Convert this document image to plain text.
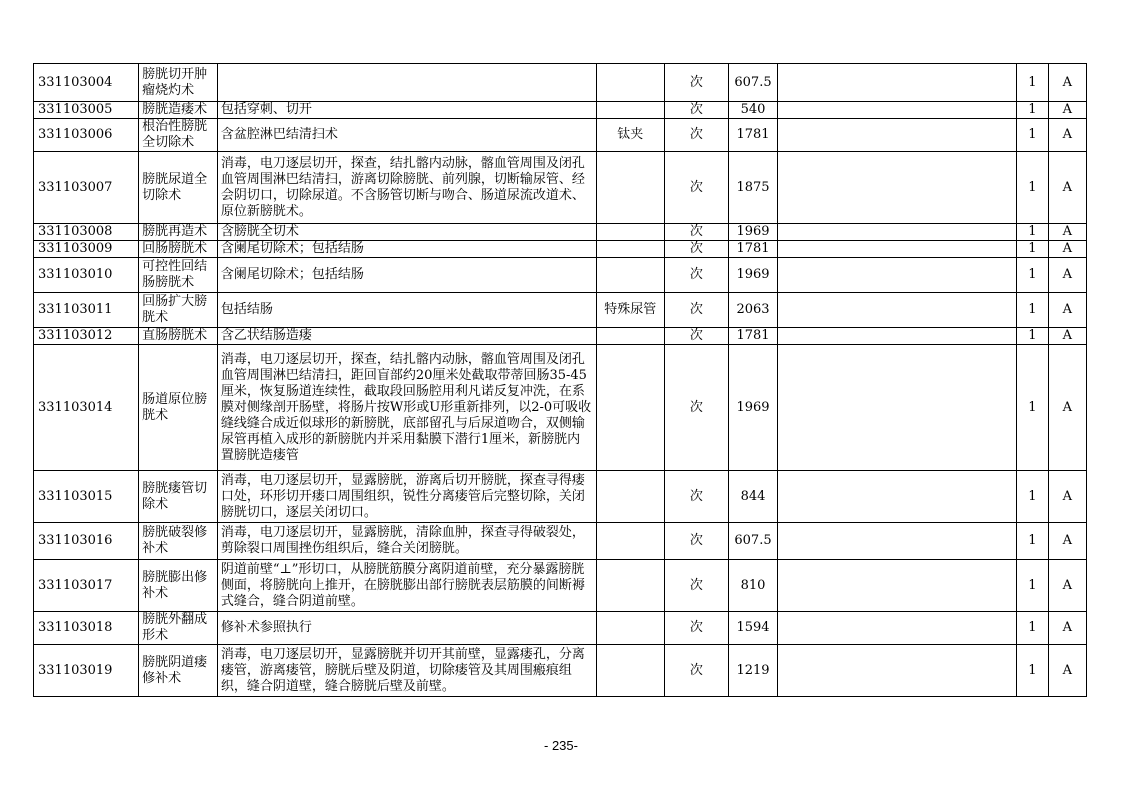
331103004	膀胱切开肿瘤烧灼术			次	607.5		1	A
331103005	膀胱造瘘术	包括穿刺、切开		次	540		1	A
331103006	根治性膀胱全切除术	含盆腔淋巴结清扫术	钛夹	次	1781		1	A
331103007	膀胱尿道全切除术	消毒，电刀逐层切开，探查，结扎髂内动脉，髂血管周围及闭孔血管周围淋巴结清扫，游离切除膀胱、前列腺，切断输尿管、经会阴切口，切除尿道。不含肠管切断与吻合、肠道尿流改道术、原位新膀胱术。		次	1875		1	A
331103008	膀胱再造术	含膀胱全切术		次	1969		1	A
331103009	回肠膀胱术	含阑尾切除术；包括结肠		次	1781		1	A
331103010	可控性回结肠膀胱术	含阑尾切除术；包括结肠		次	1969		1	A
331103011	回肠扩大膀胱术	包括结肠	特殊尿管	次	2063		1	A
331103012	直肠膀胱术	含乙状结肠造瘘		次	1781		1	A
331103014	肠道原位膀胱术	消毒，电刀逐层切开，探查，结扎髂内动脉，髂血管周围及闭孔血管周围淋巴结清扫，距回盲部约20厘米处截取带蒂回肠35-45厘米，恢复肠道连续性，截取段回肠腔用利凡诺反复冲洗，在系膜对侧缘剖开肠壁，将肠片按W形或U形重新排列，以2-0可吸收缝线缝合成近似球形的新膀胱，底部留孔与后尿道吻合，双侧输尿管再植入成形的新膀胱内并采用黏膜下潜行1厘米，新膀胱内置膀胱造瘘管		次	1969		1	A
331103015	膀胱瘘管切除术	消毒，电刀逐层切开，显露膀胱，游离后切开膀胱，探查寻得瘘口处，环形切开瘘口周围组织，锐性分离瘘管后完整切除，关闭膀胱切口，逐层关闭切口。		次	844		1	A
331103016	膀胱破裂修补术	消毒，电刀逐层切开，显露膀胱，清除血肿，探查寻得破裂处，剪除裂口周围挫伤组织后，缝合关闭膀胱。		次	607.5		1	A
331103017	膀胱膨出修补术	阴道前壁“⊥”形切口，从膀胱筋膜分离阴道前壁，充分暴露膀胱侧面，将膀胱向上推开，在膀胱膨出部行膀胱表层筋膜的间断褥式缝合，缝合阴道前壁。		次	810		1	A
331103018	膀胱外翻成形术	修补术参照执行		次	1594		1	A
331103019	膀胱阴道瘘修补术	消毒，电刀逐层切开，显露膀胱并切开其前壁，显露瘘孔，分离瘘管，游离瘘管，膀胱后壁及阴道，切除瘘管及其周围瘢痕组织，缝合阴道壁，缝合膀胱后壁及前壁。		次	1219		1	A
- 235-
